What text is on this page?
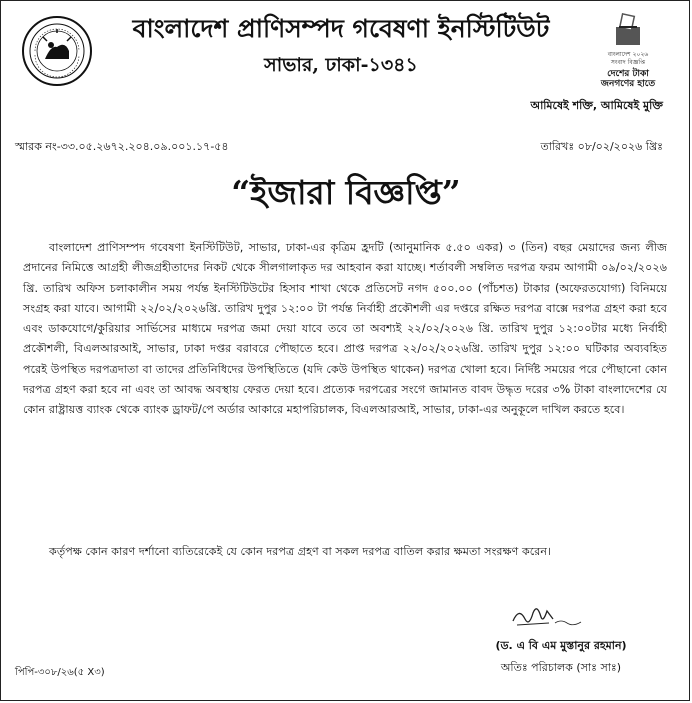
বাংলাদেশ প্রাণিসম্পদ গবেষণা ইনস্টিটিউট
সাভার, ঢাকা-১৩৪১	বাংলাদেশ ২০২৬
সংবাদ বিজ্ঞপ্তি
দেশের টাকা
জনগণের হাতে
আমিষেই শক্তি, আমিষেই মুক্তি
স্মারক নং-৩৩.০৫.২৬৭২.২০৪.০৯.০০১.১৭-৫৪	তারিখঃ ০৮/০২/২০২৬ খ্রিঃ
“ইজারা বিজ্ঞপ্তি”

বাংলাদেশ প্রাণিসম্পদ গবেষণা ইনস্টিটিউট, সাভার, ঢাকা-এর কৃত্রিম হ্রদটি (আনুমানিক ৫.৫০ একর) ৩ (তিন) বছর মেয়াদের জন্য লীজ প্রদানের নিমিত্তে আগ্রহী লীজগ্রহীতাদের নিকট থেকে সীলগালাকৃত দর আহবান করা যাচ্ছে। শর্তাবলী সম্বলিত দরপত্র ফরম আগামী ০৯/০২/২০২৬ খ্রি. তারিখ অফিস চলাকালীন সময় পর্যন্ত ইনস্টিটিউটের হিসাব শাখা থেকে প্রতিসেট নগদ ৫০০.০০ (পাঁচশত) টাকার (অফেরতযোগ্য) বিনিময়ে সংগ্রহ করা যাবে। আগামী ২২/০২/২০২৬খ্রি. তারিখ দুপুর ১২:০০ টা পর্যন্ত নির্বাহী প্রকৌশলী এর দপ্তরে রক্ষিত দরপত্র বাক্সে দরপত্র গ্রহণ করা হবে এবং ডাকযোগে/কুরিয়ার সার্ভিসের মাধ্যমে দরপত্র জমা দেয়া যাবে তবে তা অবশ্যই ২২/০২/২০২৬ খ্রি. তারিখ দুপুর ১২:০০টার মধ্যে নির্বাহী প্রকৌশলী, বিএলআরআই, সাভার, ঢাকা দপ্তর বরাবরে পৌছাতে হবে। প্রাপ্ত দরপত্র ২২/০২/২০২৬খ্রি. তারিখ দুপুর ১২:০০ ঘটিকার অব্যবহিত পরেই উপস্থিত দরপত্রদাতা বা তাদের প্রতিনিধিদের উপস্থিতিতে (যদি কেউ উপস্থিত থাকেন) দরপত্র খোলা হবে। নির্দিষ্ট সময়ের পরে পৌছানো কোন দরপত্র গ্রহণ করা হবে না এবং তা আবদ্ধ অবস্থায় ফেরত দেয়া হবে। প্রত্যেক দরপত্রের সংগে জামানত বাবদ উদ্ধৃত দরের ৩% টাকা বাংলাদেশের যে কোন রাষ্ট্রায়ত্ত ব্যাংক থেকে ব্যাংক ড্রাফট/পে অর্ডার আকারে মহাপরিচালক, বিএলআরআই, সাভার, ঢাকা-এর অনুকূলে দাখিল করতে হবে।

কর্তৃপক্ষ কোন কারণ দর্শানো ব্যতিরেকেই যে কোন দরপত্র গ্রহণ বা সকল দরপত্র বাতিল করার ক্ষমতা সংরক্ষণ করেন।

(ড. এ বি এম মুস্তানুর রহমান)
অতিঃ পরিচালক (সাঃ সাঃ)
পিপি-৩০৮/২৬(৫ X৩)
